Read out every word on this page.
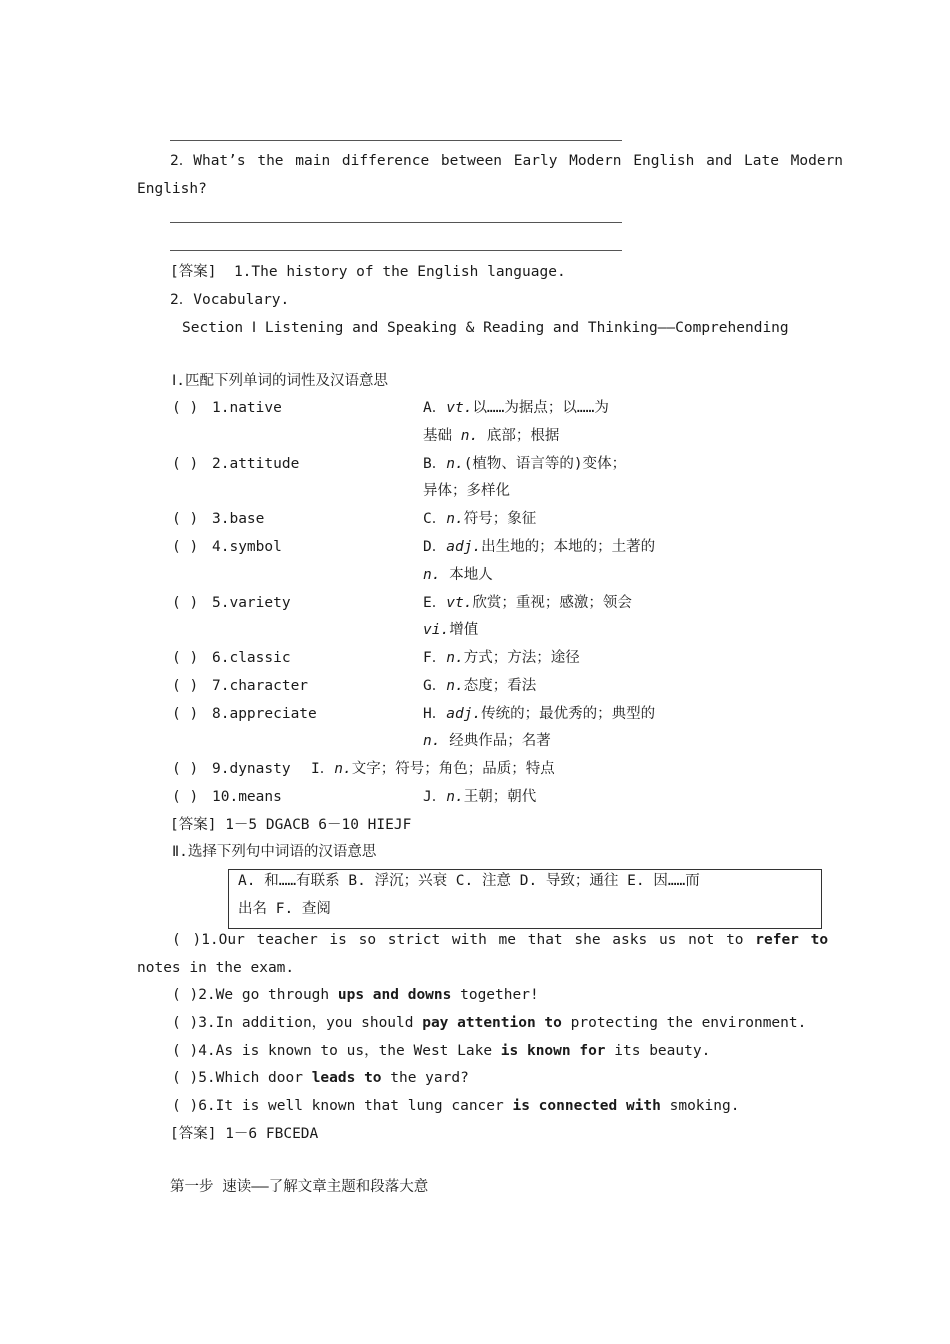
2．What’s the main difference between Early Modern English and Late Modern
English?
[答案] 1.The history of the English language.
2．Vocabulary.
Section Ⅰ Listening and Speaking & Reading and Thinking——Comprehending
Ⅰ.匹配下列单词的词性及汉语意思
( ) 1.native	A．vt.以……为据点；以……为
基础 n. 底部；根据
( ) 2.attitude	B．n.(植物、语言等的)变体；
异体；多样化
( ) 3.base	C．n.符号；象征
( ) 4.symbol	D．adj.出生地的；本地的；土著的
n. 本地人
( ) 5.variety	E．vt.欣赏；重视；感激；领会
vi.增值
( ) 6.classic	F．n.方式；方法；途径
( ) 7.character	G．n.态度；看法
( ) 8.appreciate	H．adj.传统的；最优秀的；典型的
n. 经典作品；名著
( ) 9.dynasty I．n.文字；符号；角色；品质；特点
( ) 10.means	J．n.王朝；朝代
[答案] 1－5 DGACB 6－10 HIEJF
Ⅱ.选择下列句中词语的汉语意思
A. 和……有联系 B. 浮沉；兴衰 C. 注意 D. 导致；通往 E. 因……而
出名 F. 查阅
( )1.Our teacher is so strict with me that she asks us not to refer to
notes in the exam.
( )2.We go through ups and downs together!
( )3.In addition，you should pay attention to protecting the environment.
( )4.As is known to us，the West Lake is known for its beauty.
( )5.Which door leads to the yard?
( )6.It is well known that lung cancer is connected with smoking.
[答案] 1－6 FBCEDA
第一步 速读——了解文章主题和段落大意
